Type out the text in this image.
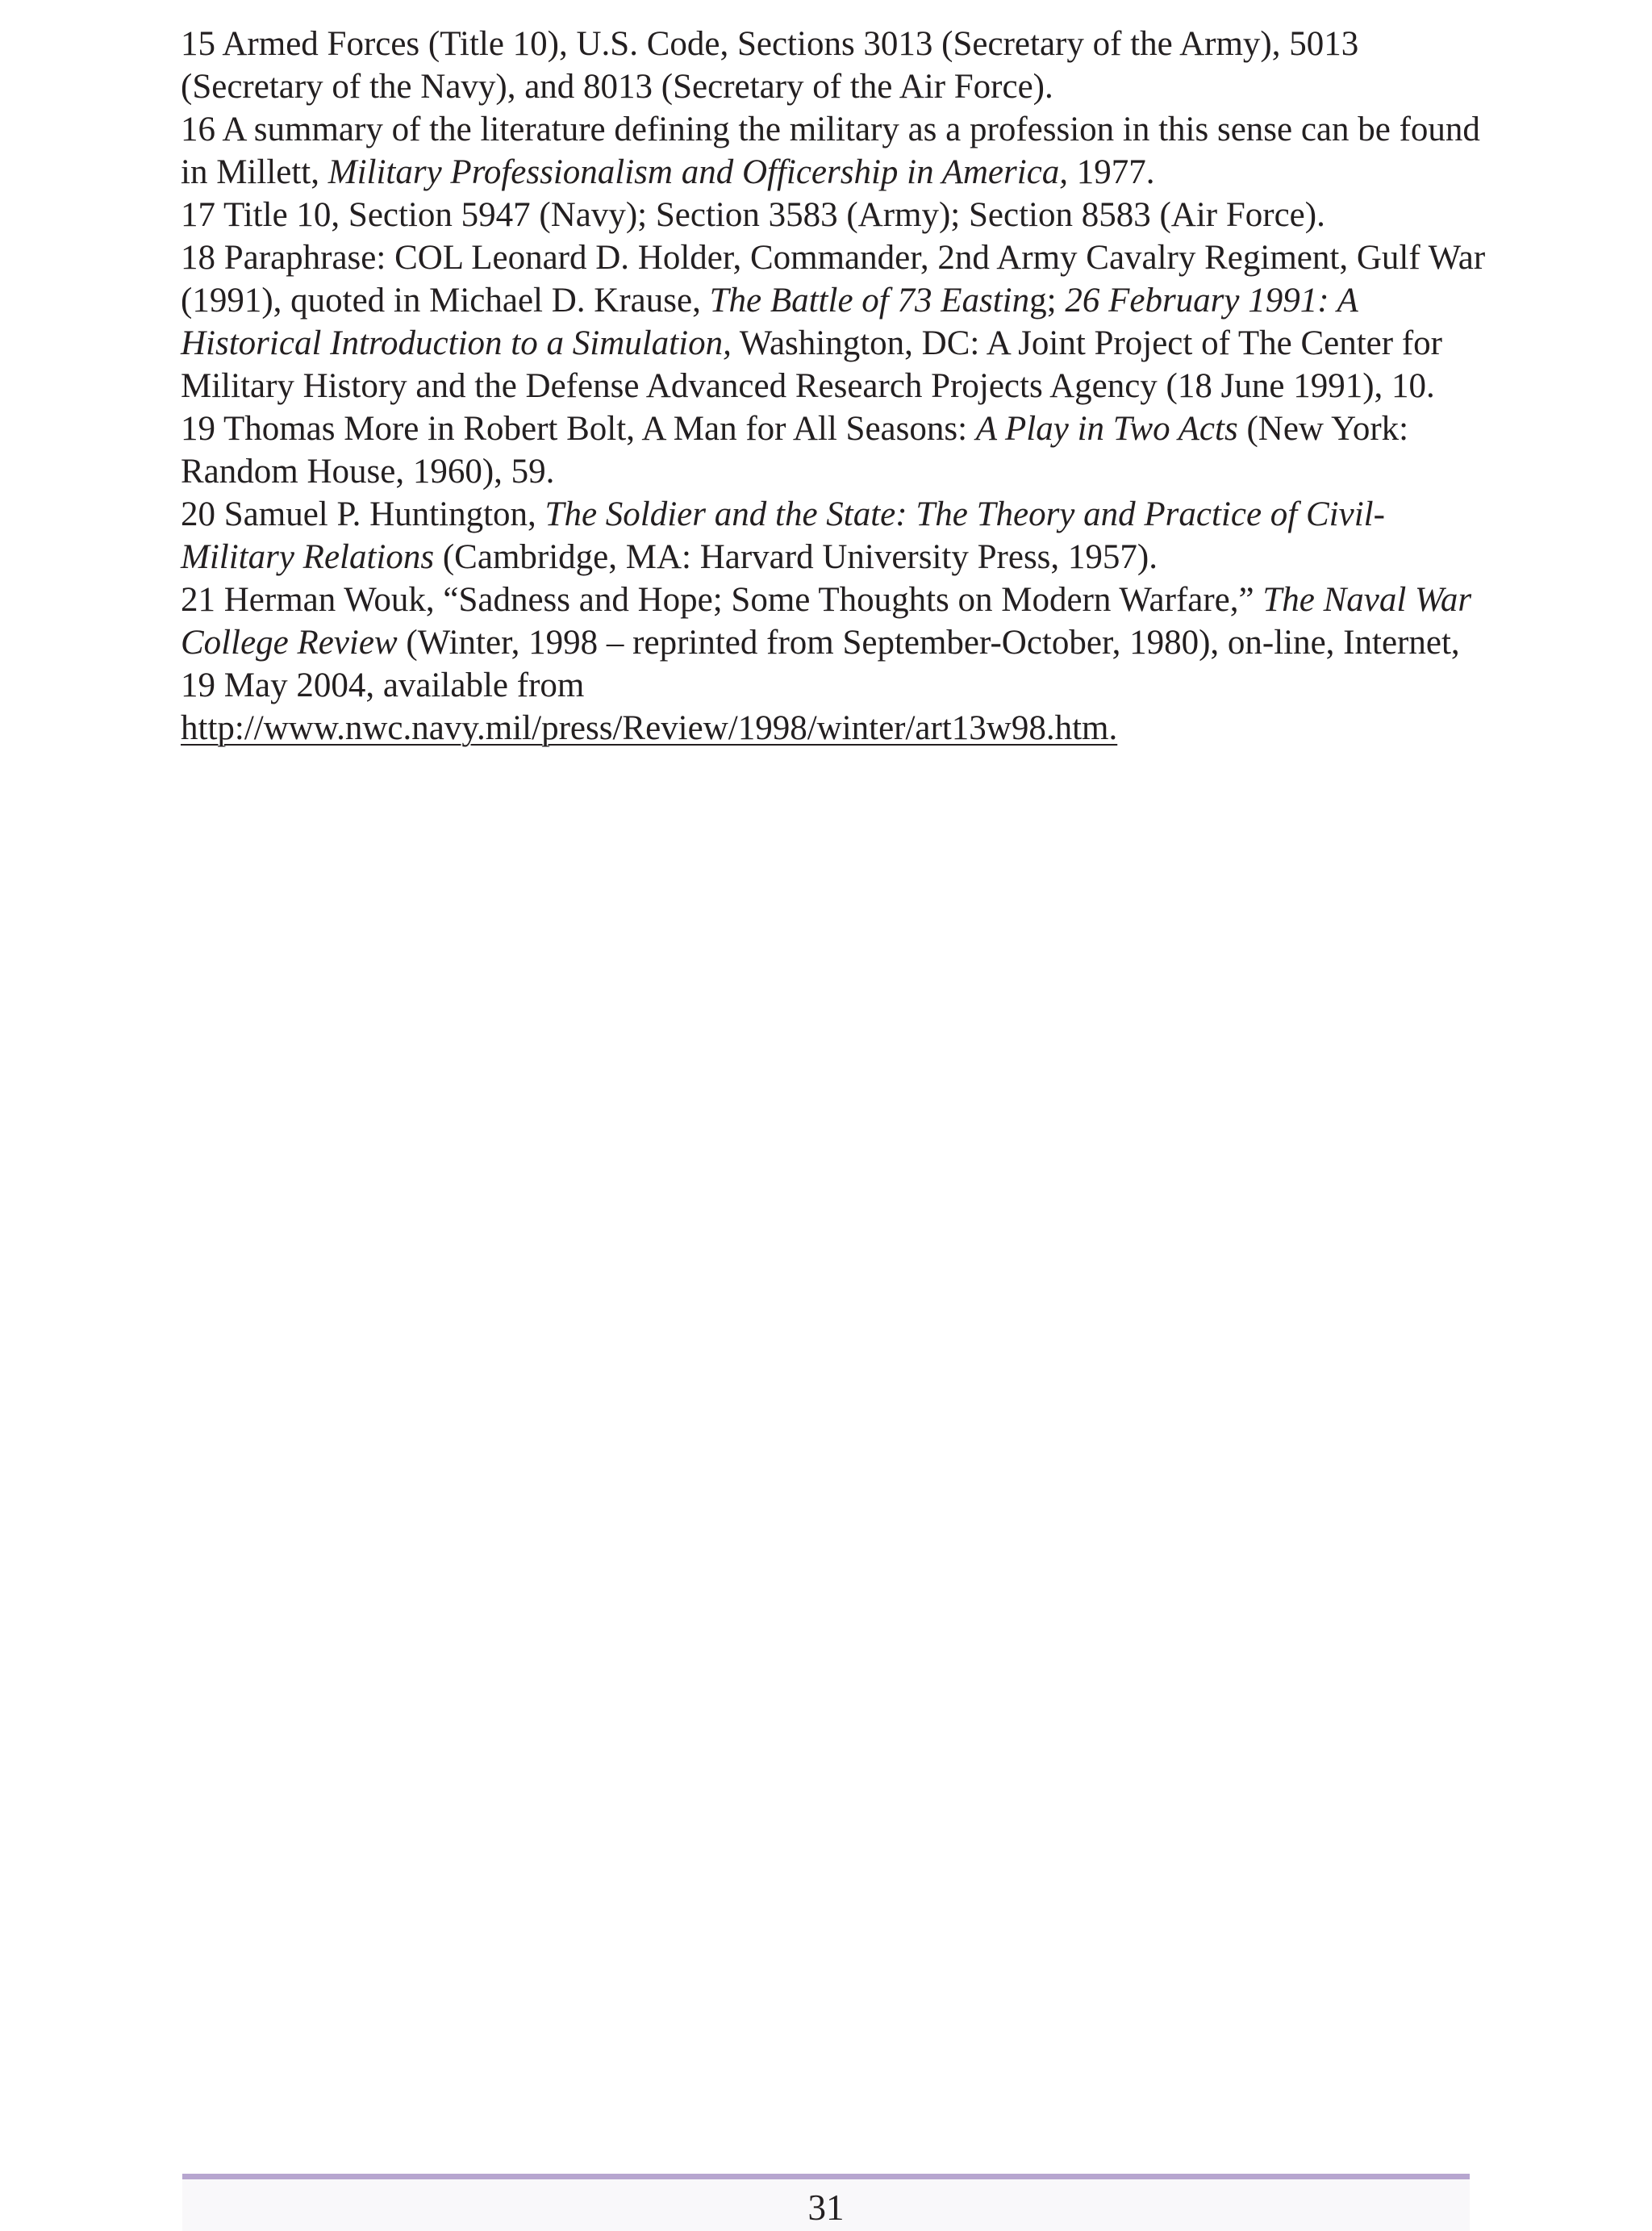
15 Armed Forces (Title 10), U.S. Code, Sections 3013 (Secretary of the Army), 5013 (Secretary of the Navy), and 8013 (Secretary of the Air Force).

16 A summary of the literature defining the military as a profession in this sense can be found in Millett, Military Professionalism and Officership in America, 1977.

17 Title 10, Section 5947 (Navy); Section 3583 (Army); Section 8583 (Air Force).

18 Paraphrase: COL Leonard D. Holder, Commander, 2nd Army Cavalry Regiment, Gulf War (1991), quoted in Michael D. Krause, The Battle of 73 Easting; 26 February 1991: A Historical Introduction to a Simulation, Washington, DC: A Joint Project of The Center for Military History and the Defense Advanced Research Projects Agency (18 June 1991), 10.

19 Thomas More in Robert Bolt, A Man for All Seasons: A Play in Two Acts (New York: Random House, 1960), 59.

20 Samuel P. Huntington, The Soldier and the State: The Theory and Practice of Civil-Military Relations (Cambridge, MA: Harvard University Press, 1957).

21 Herman Wouk, “Sadness and Hope; Some Thoughts on Modern Warfare,” The Naval War College Review (Winter, 1998 – reprinted from September-October, 1980), on-line, Internet, 19 May 2004, available from http://www.nwc.navy.mil/press/Review/1998/winter/art13w98.htm.

31
